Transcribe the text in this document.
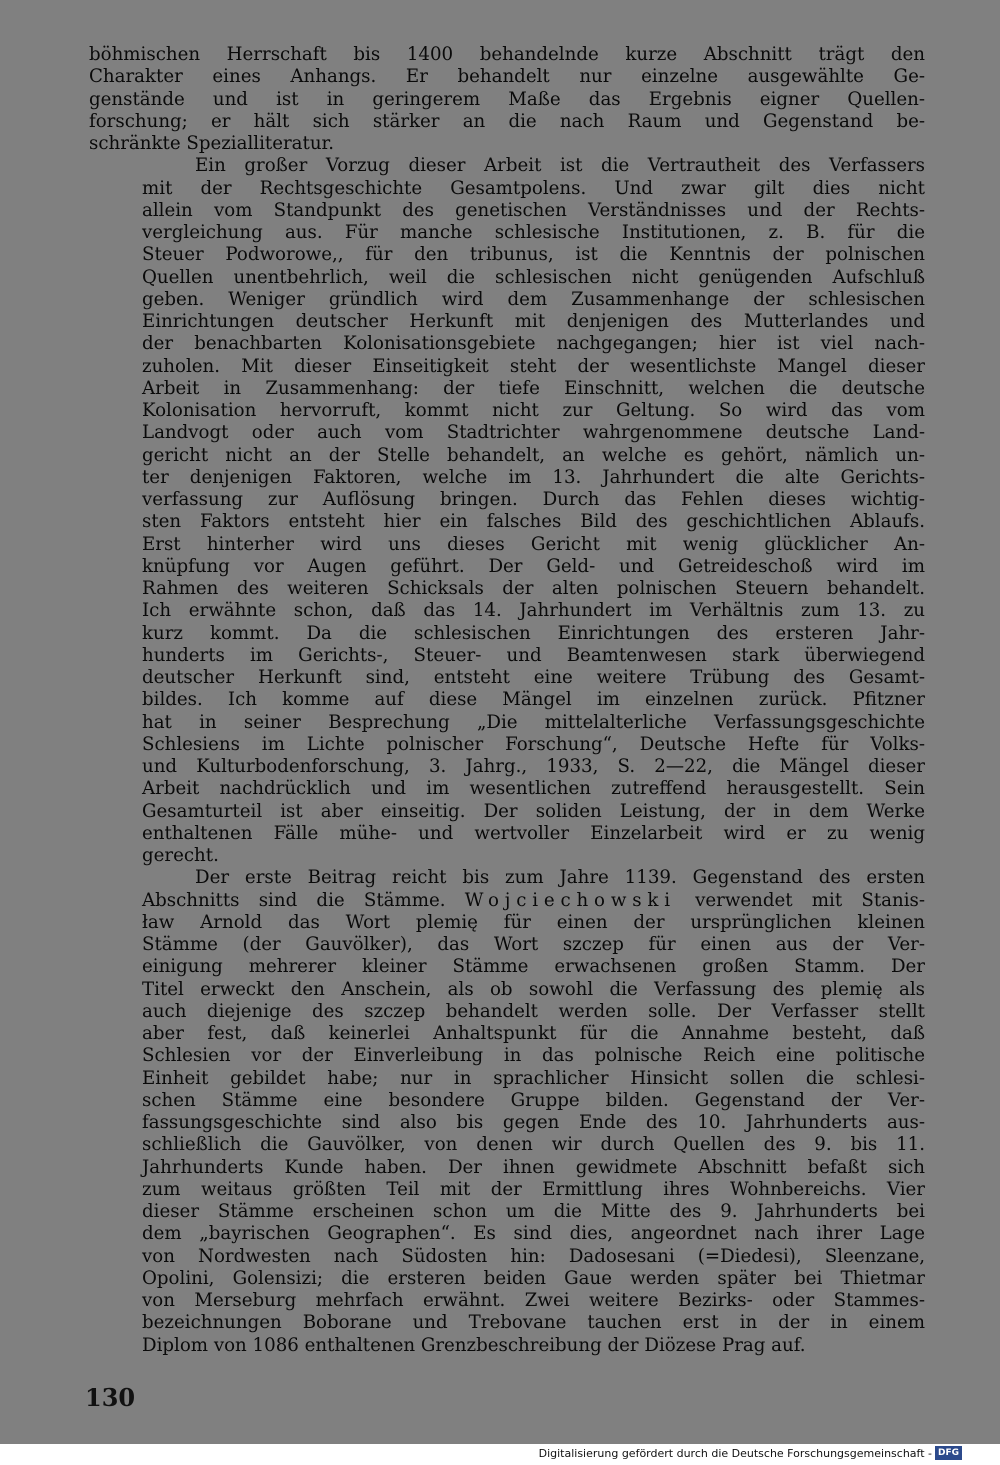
böhmischen Herrschaft bis 1400 behandelnde kurze Abschnitt trägt den
Charakter eines Anhangs. Er behandelt nur einzelne ausgewählte Ge-
genstände und ist in geringerem Maße das Ergebnis eigner Quellen-
forschung; er hält sich stärker an die nach Raum und Gegenstand be-
schränkte Spezialliteratur.
Ein großer Vorzug dieser Arbeit ist die Vertrautheit des Verfassers
mit der Rechtsgeschichte Gesamtpolens. Und zwar gilt dies nicht
allein vom Standpunkt des genetischen Verständnisses und der Rechts-
vergleichung aus. Für manche schlesische Institutionen, z. B. für die
Steuer Podworowe,, für den tribunus, ist die Kenntnis der polnischen
Quellen unentbehrlich, weil die schlesischen nicht genügenden Aufschluß
geben. Weniger gründlich wird dem Zusammenhange der schlesischen
Einrichtungen deutscher Herkunft mit denjenigen des Mutterlandes und
der benachbarten Kolonisationsgebiete nachgegangen; hier ist viel nach-
zuholen. Mit dieser Einseitigkeit steht der wesentlichste Mangel dieser
Arbeit in Zusammenhang: der tiefe Einschnitt, welchen die deutsche
Kolonisation hervorruft, kommt nicht zur Geltung. So wird das vom
Landvogt oder auch vom Stadtrichter wahrgenommene deutsche Land-
gericht nicht an der Stelle behandelt, an welche es gehört, nämlich un-
ter denjenigen Faktoren, welche im 13. Jahrhundert die alte Gerichts-
verfassung zur Auflösung bringen. Durch das Fehlen dieses wichtig-
sten Faktors entsteht hier ein falsches Bild des geschichtlichen Ablaufs.
Erst hinterher wird uns dieses Gericht mit wenig glücklicher An-
knüpfung vor Augen geführt. Der Geld- und Getreideschoß wird im
Rahmen des weiteren Schicksals der alten polnischen Steuern behandelt.
Ich erwähnte schon, daß das 14. Jahrhundert im Verhältnis zum 13. zu
kurz kommt. Da die schlesischen Einrichtungen des ersteren Jahr-
hunderts im Gerichts-, Steuer- und Beamtenwesen stark überwiegend
deutscher Herkunft sind, entsteht eine weitere Trübung des Gesamt-
bildes. Ich komme auf diese Mängel im einzelnen zurück. Pfitzner
hat in seiner Besprechung „Die mittelalterliche Verfassungsgeschichte
Schlesiens im Lichte polnischer Forschung“, Deutsche Hefte für Volks-
und Kulturbodenforschung, 3. Jahrg., 1933, S. 2—22, die Mängel dieser
Arbeit nachdrücklich und im wesentlichen zutreffend herausgestellt. Sein
Gesamturteil ist aber einseitig. Der soliden Leistung, der in dem Werke
enthaltenen Fälle mühe- und wertvoller Einzelarbeit wird er zu wenig
gerecht.
Der erste Beitrag reicht bis zum Jahre 1139. Gegenstand des ersten
Abschnitts sind die Stämme. Wojciechowski verwendet mit Stanis-
ław Arnold das Wort plemię für einen der ursprünglichen kleinen
Stämme (der Gauvölker), das Wort szczep für einen aus der Ver-
einigung mehrerer kleiner Stämme erwachsenen großen Stamm. Der
Titel erweckt den Anschein, als ob sowohl die Verfassung des plemię als
auch diejenige des szczep behandelt werden solle. Der Verfasser stellt
aber fest, daß keinerlei Anhaltspunkt für die Annahme besteht, daß
Schlesien vor der Einverleibung in das polnische Reich eine politische
Einheit gebildet habe; nur in sprachlicher Hinsicht sollen die schlesi-
schen Stämme eine besondere Gruppe bilden. Gegenstand der Ver-
fassungsgeschichte sind also bis gegen Ende des 10. Jahrhunderts aus-
schließlich die Gauvölker, von denen wir durch Quellen des 9. bis 11.
Jahrhunderts Kunde haben. Der ihnen gewidmete Abschnitt befaßt sich
zum weitaus größten Teil mit der Ermittlung ihres Wohnbereichs. Vier
dieser Stämme erscheinen schon um die Mitte des 9. Jahrhunderts bei
dem „bayrischen Geographen“. Es sind dies, angeordnet nach ihrer Lage
von Nordwesten nach Südosten hin: Dadosesani (=Diedesi), Sleenzane,
Opolini, Golensizi; die ersteren beiden Gaue werden später bei Thietmar
von Merseburg mehrfach erwähnt. Zwei weitere Bezirks- oder Stammes-
bezeichnungen Boborane und Trebovane tauchen erst in der in einem
Diplom von 1086 enthaltenen Grenzbeschreibung der Diözese Prag auf.
130
Digitalisierung gefördert durch die Deutsche Forschungsgemeinschaft - DFG
